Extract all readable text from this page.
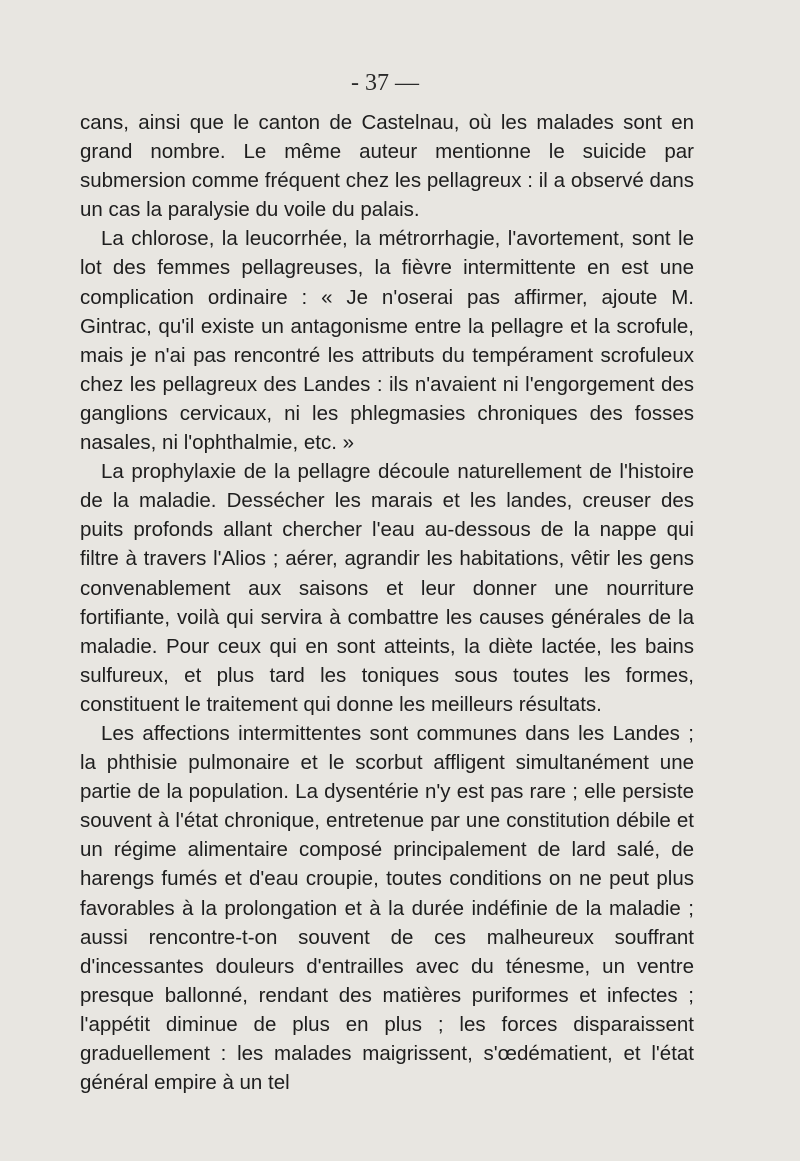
- 37 —

cans, ainsi que le canton de Castelnau, où les malades sont en grand nombre. Le même auteur mentionne le suicide par submersion comme fréquent chez les pellagreux : il a observé dans un cas la paralysie du voile du palais.

La chlorose, la leucorrhée, la métrorrhagie, l'avortement, sont le lot des femmes pellagreuses, la fièvre intermittente en est une complication ordinaire : « Je n'oserai pas affirmer, ajoute M. Gintrac, qu'il existe un antagonisme entre la pellagre et la scrofule, mais je n'ai pas rencontré les attributs du tempérament scrofuleux chez les pellagreux des Landes : ils n'avaient ni l'engorgement des ganglions cervicaux, ni les phlegmasies chroniques des fosses nasales, ni l'ophthalmie, etc. »

La prophylaxie de la pellagre découle naturellement de l'histoire de la maladie. Dessécher les marais et les landes, creuser des puits profonds allant chercher l'eau au-dessous de la nappe qui filtre à travers l'Alios ; aérer, agrandir les habitations, vêtir les gens convenablement aux saisons et leur donner une nourriture fortifiante, voilà qui servira à combattre les causes générales de la maladie. Pour ceux qui en sont atteints, la diète lactée, les bains sulfureux, et plus tard les toniques sous toutes les formes, constituent le traitement qui donne les meilleurs résultats.

Les affections intermittentes sont communes dans les Landes ; la phthisie pulmonaire et le scorbut affligent simultanément une partie de la population. La dysentérie n'y est pas rare ; elle persiste souvent à l'état chronique, entretenue par une constitution débile et un régime alimentaire composé principalement de lard salé, de harengs fumés et d'eau croupie, toutes conditions on ne peut plus favorables à la prolongation et à la durée indéfinie de la maladie ; aussi rencontre-t-on souvent de ces malheureux souffrant d'incessantes douleurs d'entrailles avec du ténesme, un ventre presque ballonné, rendant des matières puriformes et infectes ; l'appétit diminue de plus en plus ; les forces disparaissent graduellement : les malades maigrissent, s'œdématient, et l'état général empire à un tel
